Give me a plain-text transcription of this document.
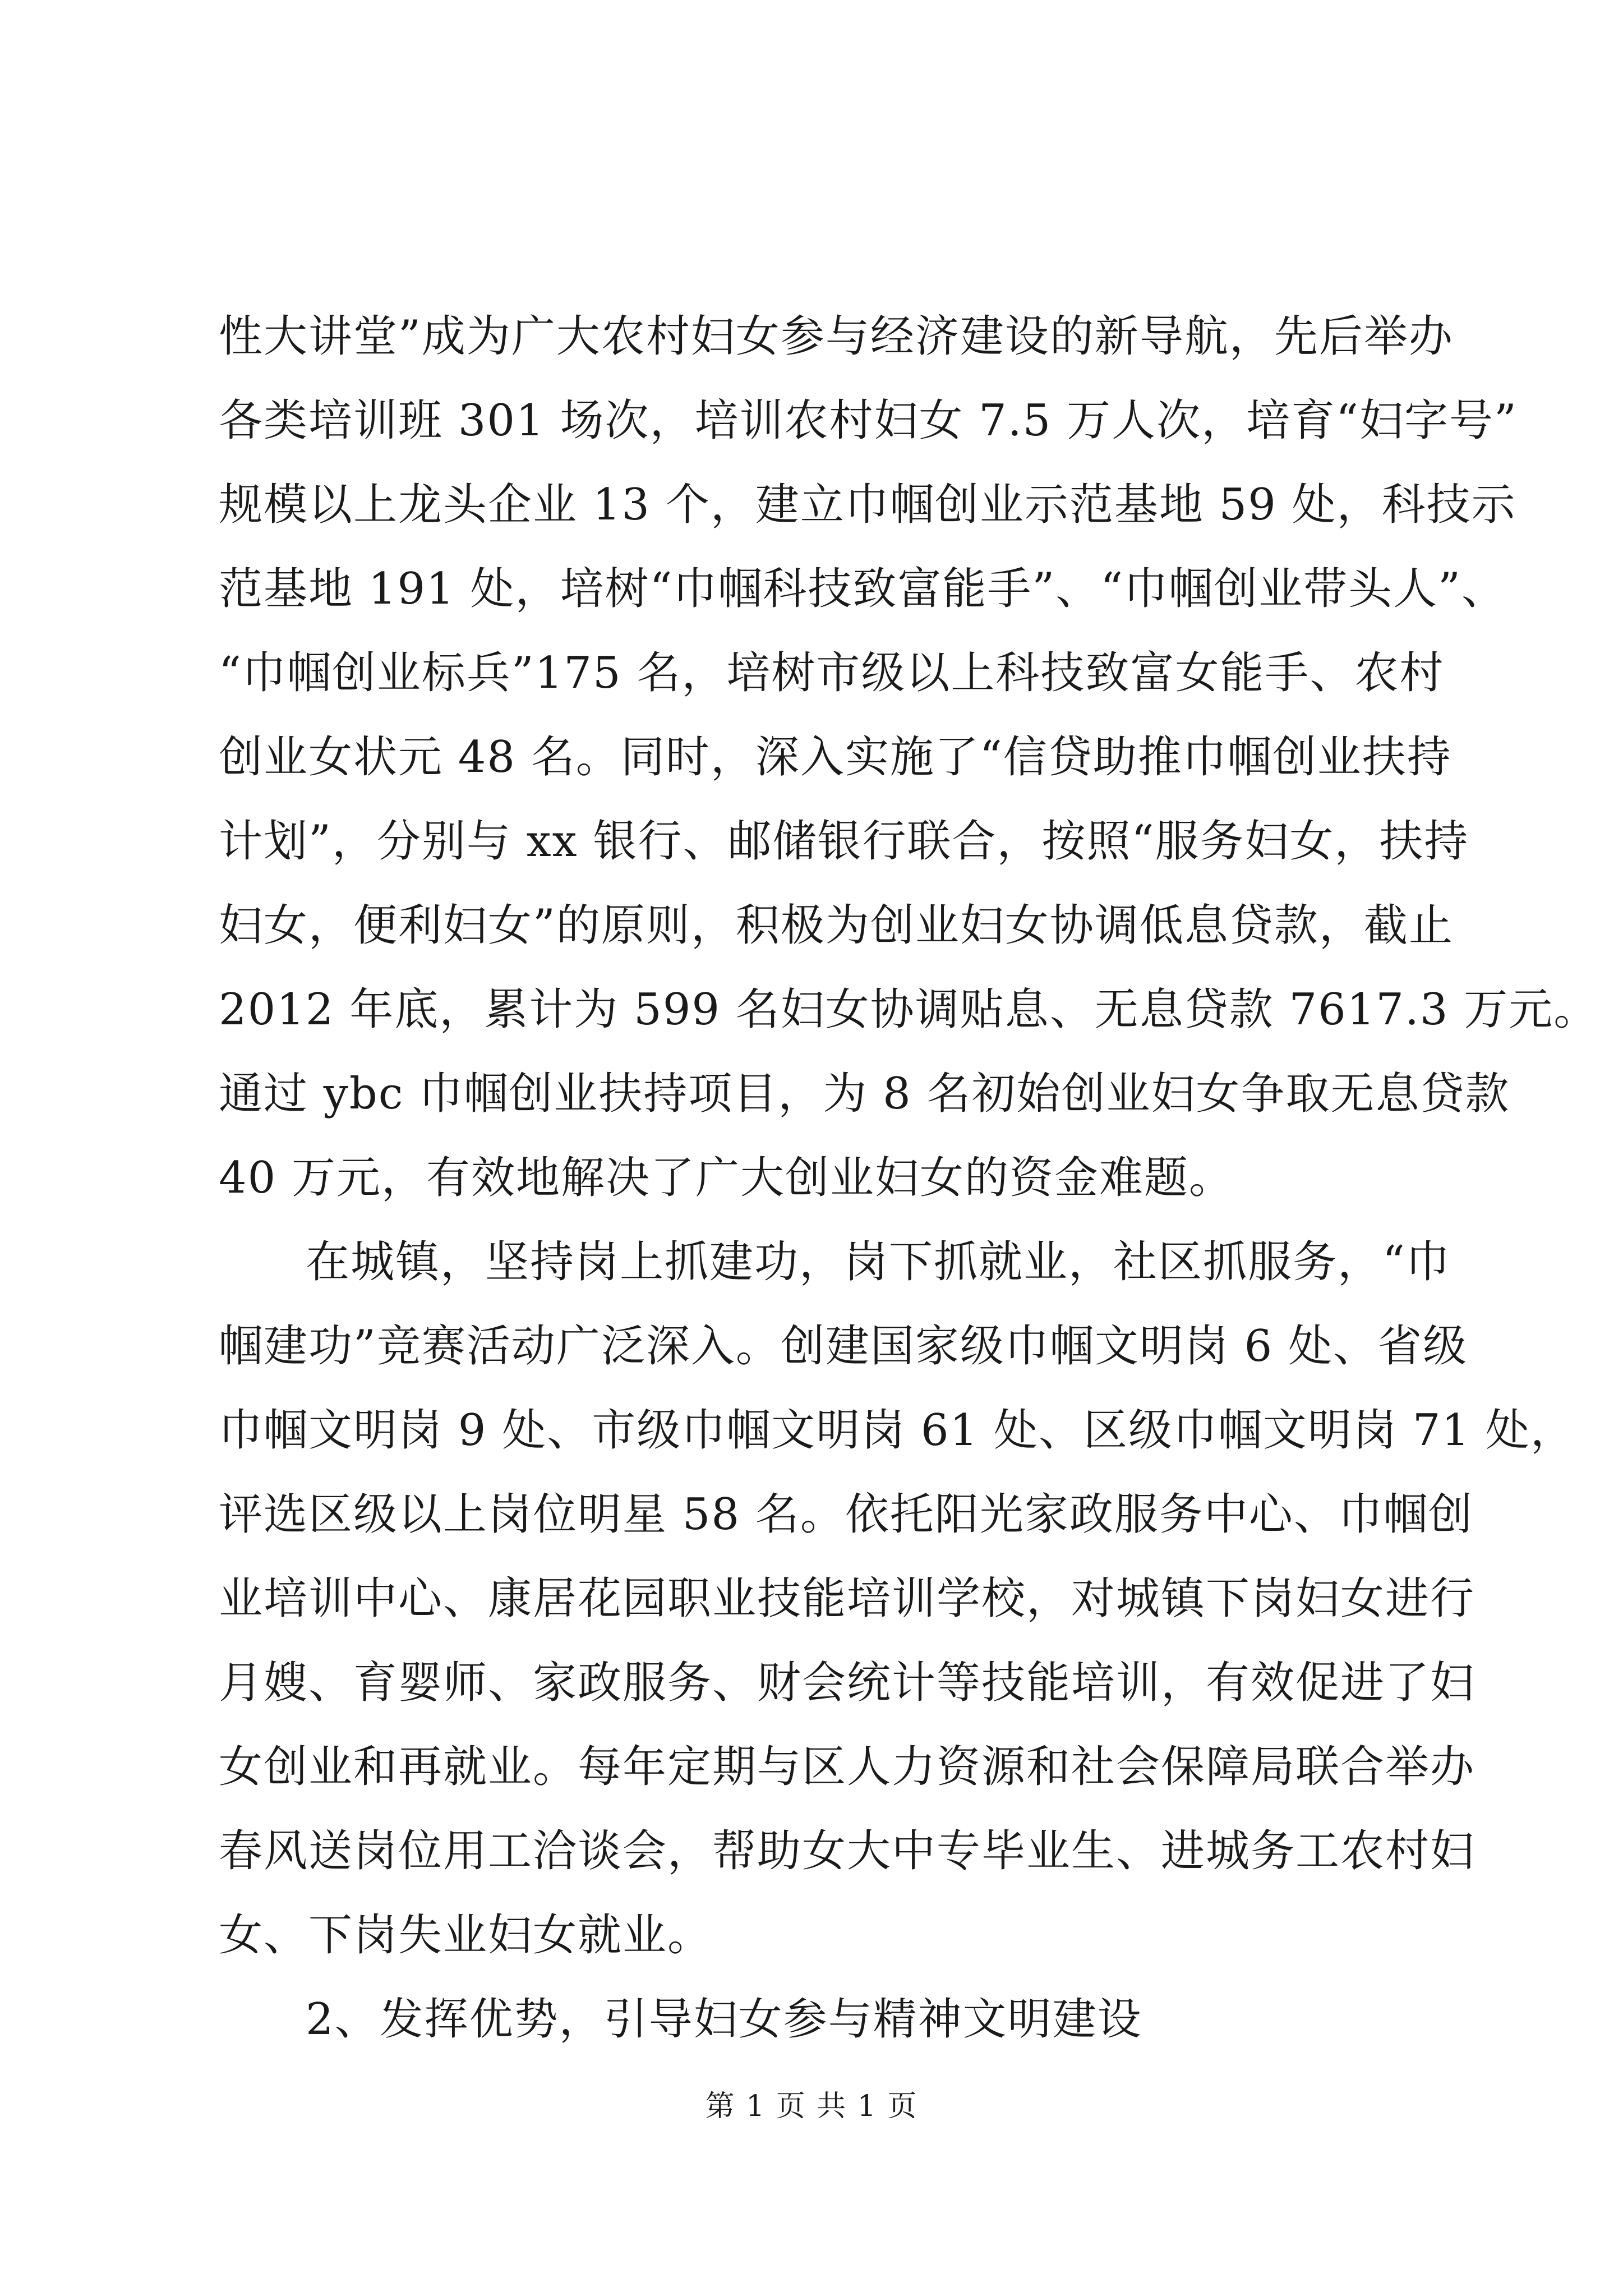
性大讲堂”成为广大农村妇女参与经济建设的新导航，先后举办
各类培训班 301 场次，培训农村妇女 7.5 万人次，培育“妇字号”
规模以上龙头企业 13 个，建立巾帼创业示范基地 59 处，科技示
范基地 191 处，培树“巾帼科技致富能手”、“巾帼创业带头人”、
“巾帼创业标兵”175 名，培树市级以上科技致富女能手、农村
创业女状元 48 名。同时，深入实施了“信贷助推巾帼创业扶持
计划”，分别与 xx 银行、邮储银行联合，按照“服务妇女，扶持
妇女，便利妇女”的原则，积极为创业妇女协调低息贷款，截止
2012 年底，累计为 599 名妇女协调贴息、无息贷款 7617.3 万元。
通过 ybc 巾帼创业扶持项目，为 8 名初始创业妇女争取无息贷款
40 万元，有效地解决了广大创业妇女的资金难题。
在城镇，坚持岗上抓建功，岗下抓就业，社区抓服务，“巾
帼建功”竞赛活动广泛深入。创建国家级巾帼文明岗 6 处、省级
巾帼文明岗 9 处、市级巾帼文明岗 61 处、区级巾帼文明岗 71 处，
评选区级以上岗位明星 58 名。依托阳光家政服务中心、巾帼创
业培训中心、康居花园职业技能培训学校，对城镇下岗妇女进行
月嫂、育婴师、家政服务、财会统计等技能培训，有效促进了妇
女创业和再就业。每年定期与区人力资源和社会保障局联合举办
春风送岗位用工洽谈会，帮助女大中专毕业生、进城务工农村妇
女、下岗失业妇女就业。
2、发挥优势，引导妇女参与精神文明建设
第 1 页 共 1 页
